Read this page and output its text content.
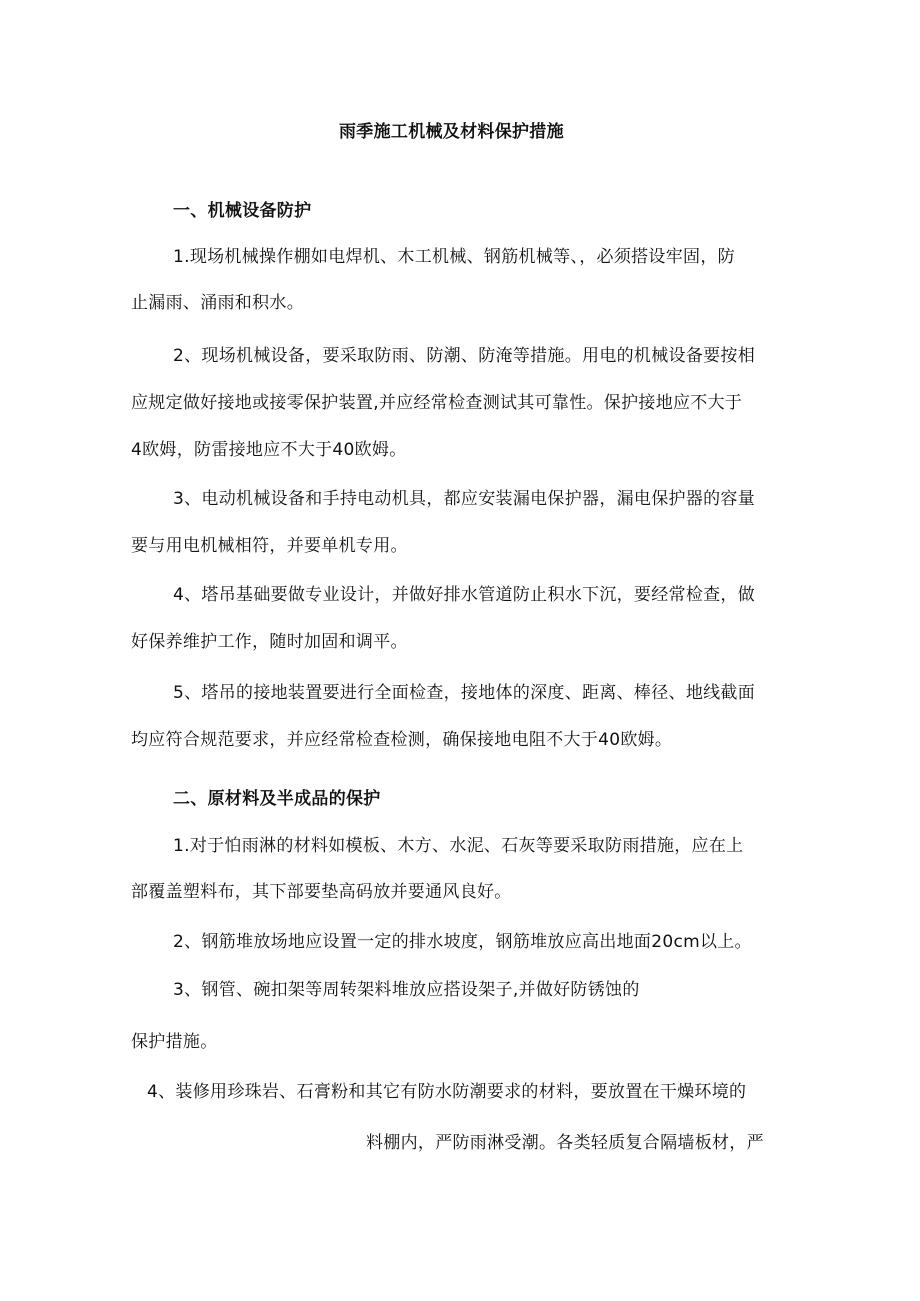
雨季施工机械及材料保护措施
一、机械设备防护
1.现场机械操作棚如电焊机、木工机械、钢筋机械等、，必须搭设牢固，防
止漏雨、涌雨和积水。
2、现场机械设备，要采取防雨、防潮、防淹等措施。用电的机械设备要按相
应规定做好接地或接零保护装置,并应经常检查测试其可靠性。保护接地应不大于
4欧姆，防雷接地应不大于40欧姆。
3、电动机械设备和手持电动机具，都应安装漏电保护器，漏电保护器的容量
要与用电机械相符，并要单机专用。
4、塔吊基础要做专业设计，并做好排水管道防止积水下沉，要经常检查，做
好保养维护工作，随时加固和调平。
5、塔吊的接地装置要进行全面检查，接地体的深度、距离、棒径、地线截面
均应符合规范要求，并应经常检查检测，确保接地电阻不大于40欧姆。
二、原材料及半成品的保护
1.对于怕雨淋的材料如模板、木方、水泥、石灰等要采取防雨措施，应在上
部覆盖塑料布，其下部要垫高码放并要通风良好。
2、钢筋堆放场地应设置一定的排水坡度，钢筋堆放应高出地面20cm以上。
3、钢管、碗扣架等周转架料堆放应搭设架子,并做好防锈蚀的
保护措施。
4、装修用珍珠岩、石膏粉和其它有防水防潮要求的材料，要放置在干燥环境的
料棚内，严防雨淋受潮。各类轻质复合隔墙板材，严
